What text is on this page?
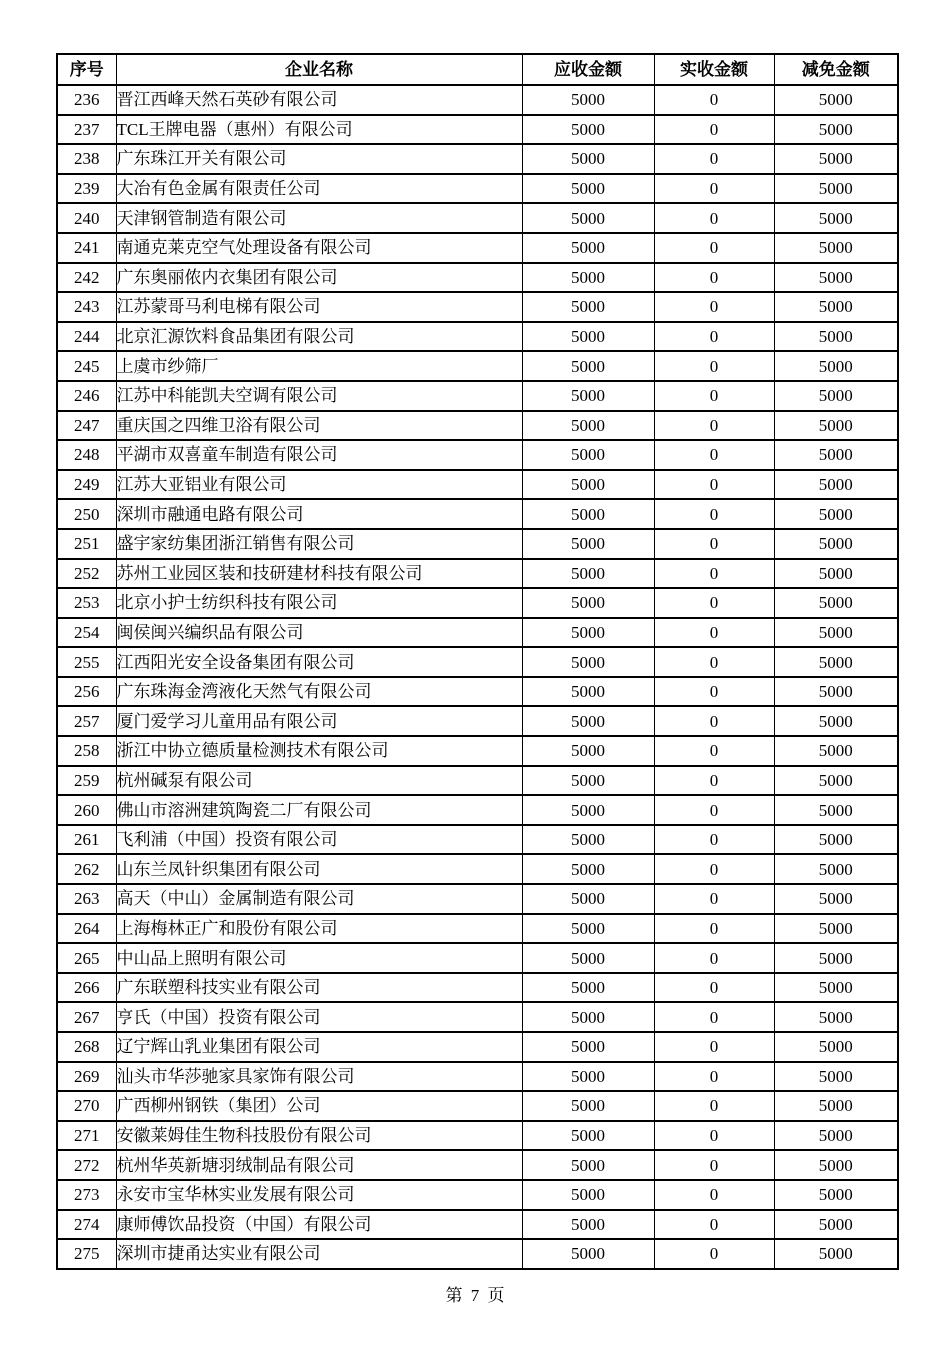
序号	企业名称	应收金额	实收金额	减免金额
236	晋江西峰天然石英砂有限公司	5000	0	5000
237	TCL王牌电器（惠州）有限公司	5000	0	5000
238	广东珠江开关有限公司	5000	0	5000
239	大冶有色金属有限责任公司	5000	0	5000
240	天津钢管制造有限公司	5000	0	5000
241	南通克莱克空气处理设备有限公司	5000	0	5000
242	广东奥丽侬内衣集团有限公司	5000	0	5000
243	江苏蒙哥马利电梯有限公司	5000	0	5000
244	北京汇源饮料食品集团有限公司	5000	0	5000
245	上虞市纱筛厂	5000	0	5000
246	江苏中科能凯夫空调有限公司	5000	0	5000
247	重庆国之四维卫浴有限公司	5000	0	5000
248	平湖市双喜童车制造有限公司	5000	0	5000
249	江苏大亚铝业有限公司	5000	0	5000
250	深圳市融通电路有限公司	5000	0	5000
251	盛宇家纺集团浙江销售有限公司	5000	0	5000
252	苏州工业园区装和技研建材科技有限公司	5000	0	5000
253	北京小护士纺织科技有限公司	5000	0	5000
254	闽侯闽兴编织品有限公司	5000	0	5000
255	江西阳光安全设备集团有限公司	5000	0	5000
256	广东珠海金湾液化天然气有限公司	5000	0	5000
257	厦门爱学习儿童用品有限公司	5000	0	5000
258	浙江中协立德质量检测技术有限公司	5000	0	5000
259	杭州碱泵有限公司	5000	0	5000
260	佛山市溶洲建筑陶瓷二厂有限公司	5000	0	5000
261	飞利浦（中国）投资有限公司	5000	0	5000
262	山东兰凤针织集团有限公司	5000	0	5000
263	高天（中山）金属制造有限公司	5000	0	5000
264	上海梅林正广和股份有限公司	5000	0	5000
265	中山品上照明有限公司	5000	0	5000
266	广东联塑科技实业有限公司	5000	0	5000
267	亨氏（中国）投资有限公司	5000	0	5000
268	辽宁辉山乳业集团有限公司	5000	0	5000
269	汕头市华莎驰家具家饰有限公司	5000	0	5000
270	广西柳州钢铁（集团）公司	5000	0	5000
271	安徽莱姆佳生物科技股份有限公司	5000	0	5000
272	杭州华英新塘羽绒制品有限公司	5000	0	5000
273	永安市宝华林实业发展有限公司	5000	0	5000
274	康师傅饮品投资（中国）有限公司	5000	0	5000
275	深圳市捷甬达实业有限公司	5000	0	5000
第 7 页
